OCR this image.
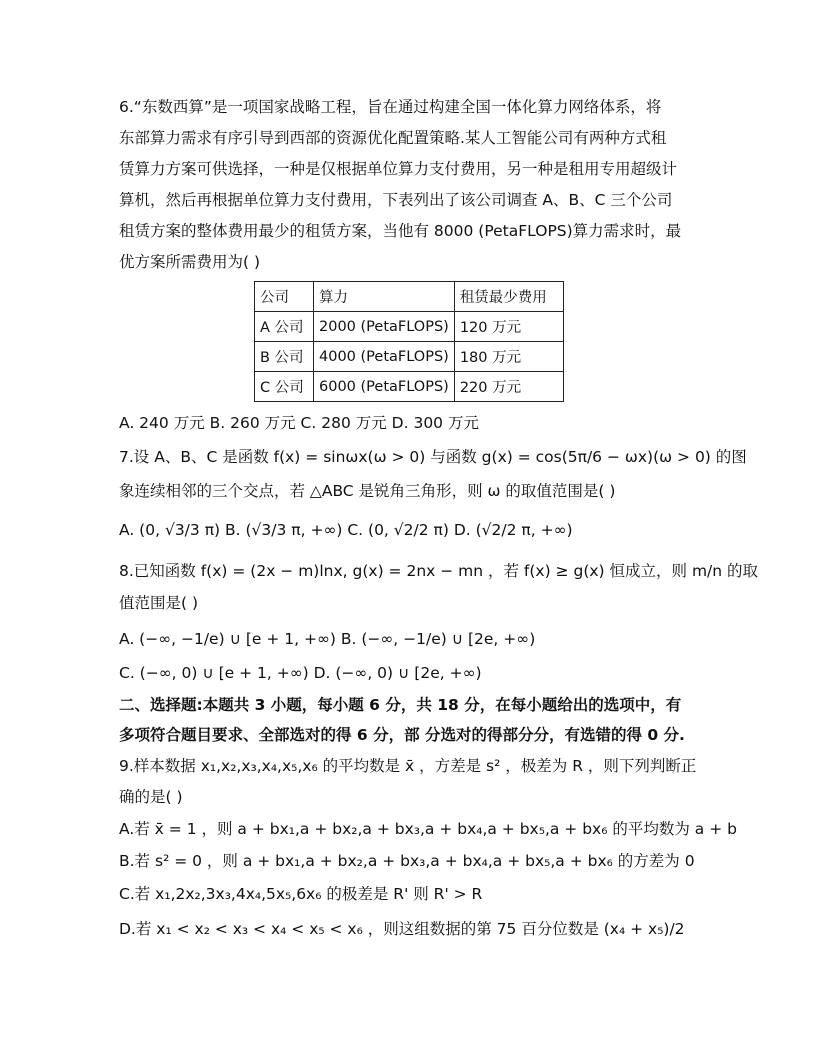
6.“东数西算”是一项国家战略工程，旨在通过构建全国一体化算力网络体系，将
东部算力需求有序引导到西部的资源优化配置策略.某人工智能公司有两种方式租
赁算力方案可供选择，一种是仅根据单位算力支付费用，另一种是租用专用超级计
算机，然后再根据单位算力支付费用，下表列出了该公司调查 A、B、C 三个公司
租赁方案的整体费用最少的租赁方案，当他有 8000 (PetaFLOPS)算力需求时，最
优方案所需费用为( )
公司	算力	租赁最少费用
A 公司	2000 (PetaFLOPS)	120 万元
B 公司	4000 (PetaFLOPS)	180 万元
C 公司	6000 (PetaFLOPS)	220 万元
A. 240 万元 B. 260 万元 C. 280 万元 D. 300 万元
7.设 A、B、C 是函数 f(x) = sinωx(ω > 0) 与函数 g(x) = cos(5π/6 − ωx)(ω > 0) 的图
象连续相邻的三个交点，若 △ABC 是锐角三角形，则 ω 的取值范围是( )
A. (0, √3/3 π) B. (√3/3 π, +∞) C. (0, √2/2 π) D. (√2/2 π, +∞)
8.已知函数 f(x) = (2x − m)lnx, g(x) = 2nx − mn ，若 f(x) ≥ g(x) 恒成立，则 m/n 的取
值范围是( )
A. (−∞, −1/e) ∪ [e + 1, +∞) B. (−∞, −1/e) ∪ [2e, +∞)
C. (−∞, 0) ∪ [e + 1, +∞) D. (−∞, 0) ∪ [2e, +∞)
二、选择题:本题共 3 小题，每小题 6 分，共 18 分，在每小题给出的选项中，有
多项符合题目要求、全部选对的得 6 分，部 分选对的得部分分，有选错的得 0 分.
9.样本数据 x₁,x₂,x₃,x₄,x₅,x₆ 的平均数是 x̄ ，方差是 s² ，极差为 R ，则下列判断正
确的是( )
A.若 x̄ = 1 ，则 a + bx₁,a + bx₂,a + bx₃,a + bx₄,a + bx₅,a + bx₆ 的平均数为 a + b
B.若 s² = 0 ，则 a + bx₁,a + bx₂,a + bx₃,a + bx₄,a + bx₅,a + bx₆ 的方差为 0
C.若 x₁,2x₂,3x₃,4x₄,5x₅,6x₆ 的极差是 R' 则 R' > R
D.若 x₁ < x₂ < x₃ < x₄ < x₅ < x₆ ，则这组数据的第 75 百分位数是 (x₄ + x₅)/2
